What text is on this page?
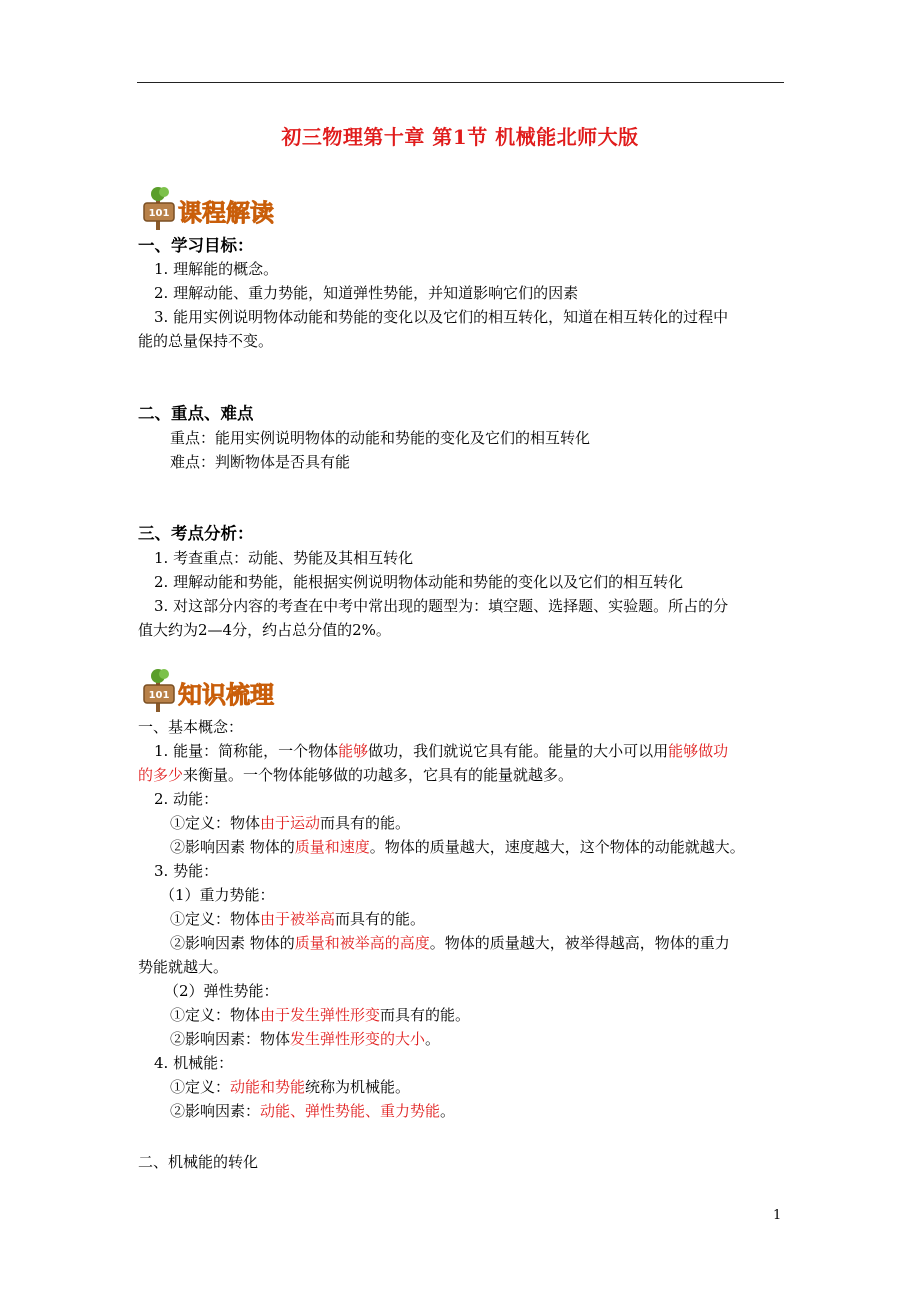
初三物理第十章 第1节 机械能北师大版
101 课程解读
一、学习目标：
1. 理解能的概念。
2. 理解动能、重力势能，知道弹性势能，并知道影响它们的因素
3. 能用实例说明物体动能和势能的变化以及它们的相互转化，知道在相互转化的过程中
能的总量保持不变。
二、重点、难点
重点：能用实例说明物体的动能和势能的变化及它们的相互转化
难点：判断物体是否具有能
三、考点分析：
1. 考查重点：动能、势能及其相互转化
2. 理解动能和势能，能根据实例说明物体动能和势能的变化以及它们的相互转化
3. 对这部分内容的考查在中考中常出现的题型为：填空题、选择题、实验题。所占的分
值大约为2—4分，约占总分值的2%。
101 知识梳理
一、基本概念：
1. 能量：简称能，一个物体能够做功，我们就说它具有能。能量的大小可以用能够做功
的多少来衡量。一个物体能够做的功越多，它具有的能量就越多。
2. 动能：
①定义：物体由于运动而具有的能。
②影响因素 物体的质量和速度。物体的质量越大，速度越大，这个物体的动能就越大。
3. 势能：
（1）重力势能：
①定义：物体由于被举高而具有的能。
②影响因素 物体的质量和被举高的高度。物体的质量越大，被举得越高，物体的重力
势能就越大。
（2）弹性势能：
①定义：物体由于发生弹性形变而具有的能。
②影响因素：物体发生弹性形变的大小。
4. 机械能：
①定义：动能和势能统称为机械能。
②影响因素：动能、弹性势能、重力势能。
二、机械能的转化
1
